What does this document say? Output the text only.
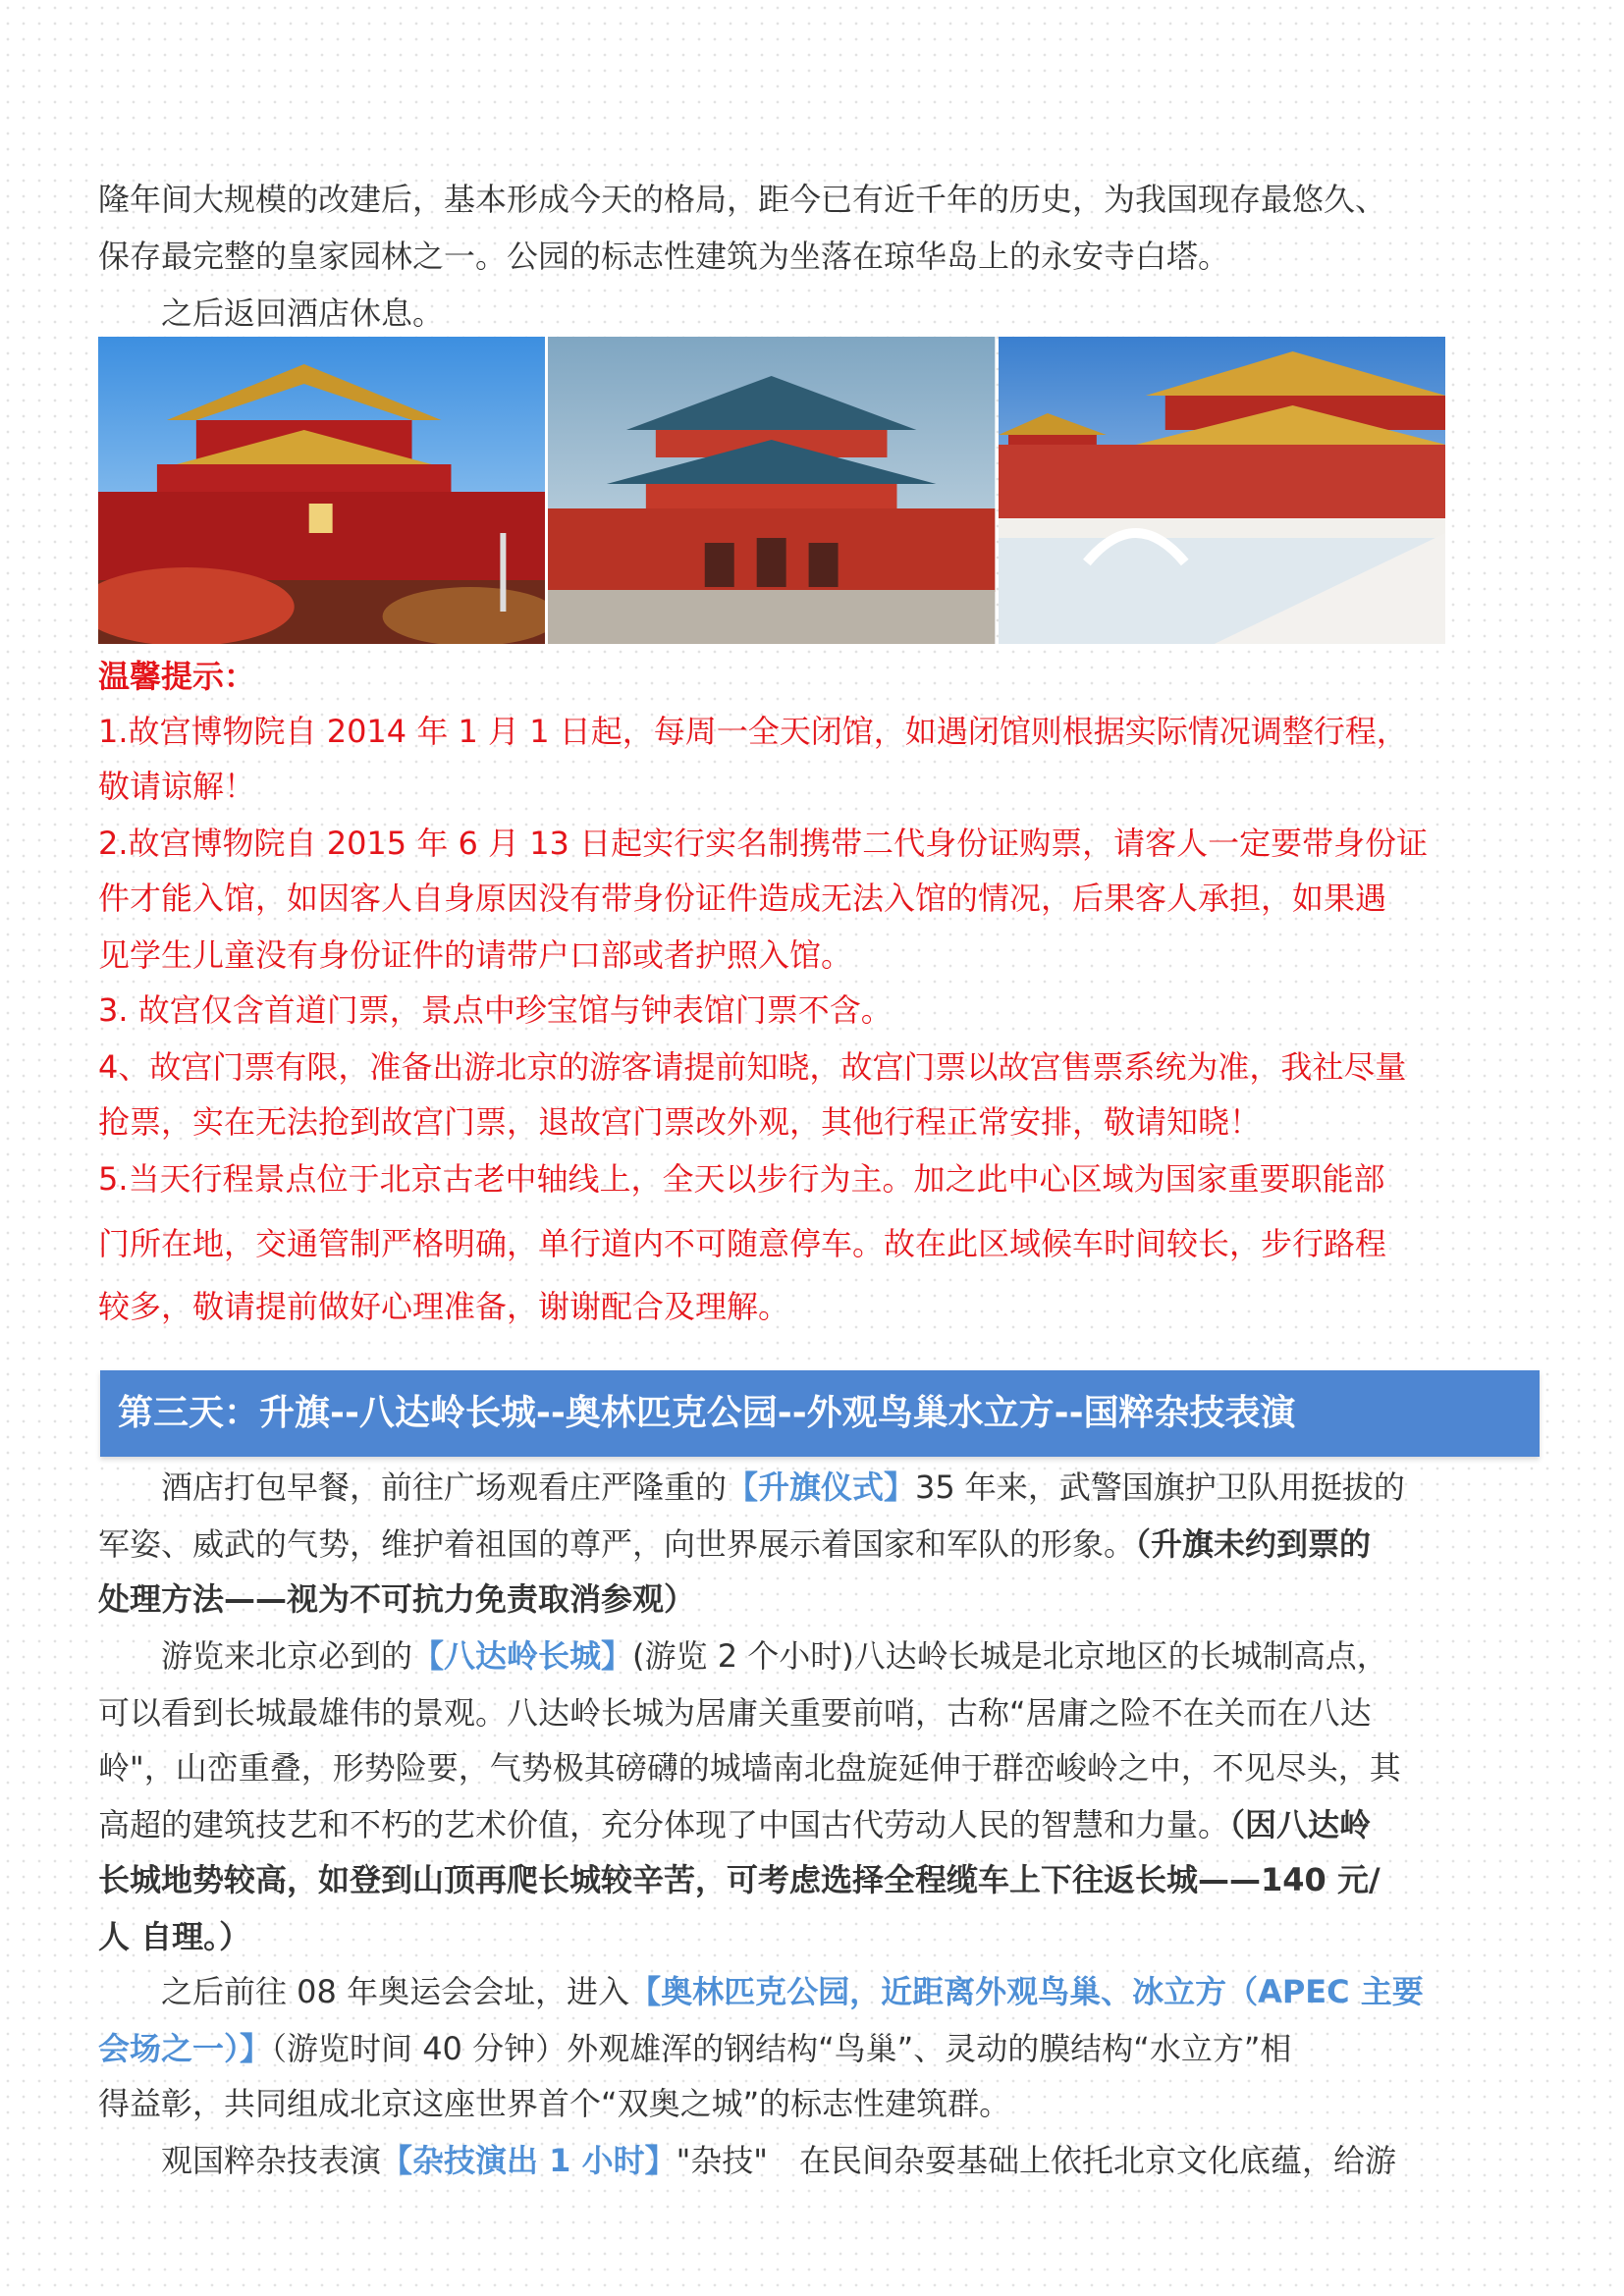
隆年间大规模的改建后，基本形成今天的格局，距今已有近千年的历史，为我国现存最悠久、
保存最完整的皇家园林之一。公园的标志性建筑为坐落在琼华岛上的永安寺白塔。
之后返回酒店休息。
温馨提示：
1.故宫博物院自 2014 年 1 月 1 日起，每周一全天闭馆，如遇闭馆则根据实际情况调整行程，
敬请谅解！
2.故宫博物院自 2015 年 6 月 13 日起实行实名制携带二代身份证购票，请客人一定要带身份证
件才能入馆，如因客人自身原因没有带身份证件造成无法入馆的情况，后果客人承担，如果遇
见学生儿童没有身份证件的请带户口部或者护照入馆。
3. 故宫仅含首道门票，景点中珍宝馆与钟表馆门票不含。
4、故宫门票有限，准备出游北京的游客请提前知晓，故宫门票以故宫售票系统为准，我社尽量
抢票，实在无法抢到故宫门票，退故宫门票改外观，其他行程正常安排，敬请知晓！
5.当天行程景点位于北京古老中轴线上，全天以步行为主。加之此中心区域为国家重要职能部
门所在地，交通管制严格明确，单行道内不可随意停车。故在此区域候车时间较长，步行路程
较多，敬请提前做好心理准备，谢谢配合及理解。
第三天：升旗--八达岭长城--奥林匹克公园--外观鸟巢水立方--国粹杂技表演
酒店打包早餐，前往广场观看庄严隆重的【升旗仪式】35 年来，武警国旗护卫队用挺拔的
军姿、威武的气势，维护着祖国的尊严，向世界展示着国家和军队的形象。（升旗未约到票的
处理方法——视为不可抗力免责取消参观）
游览来北京必到的【八达岭长城】(游览 2 个小时)八达岭长城是北京地区的长城制高点，
可以看到长城最雄伟的景观。八达岭长城为居庸关重要前哨，古称“居庸之险不在关而在八达
岭"，山峦重叠，形势险要，气势极其磅礴的城墙南北盘旋延伸于群峦峻岭之中，不见尽头，其
高超的建筑技艺和不朽的艺术价值，充分体现了中国古代劳动人民的智慧和力量。（因八达岭
长城地势较高，如登到山顶再爬长城较辛苦，可考虑选择全程缆车上下往返长城——140 元/
人 自理。）
之后前往 08 年奥运会会址，进入【奥林匹克公园，近距离外观鸟巢、冰立方（APEC 主要
会场之一）】（游览时间 40 分钟）外观雄浑的钢结构“鸟巢”、灵动的膜结构“水立方”相
得益彰，共同组成北京这座世界首个“双奥之城”的标志性建筑群。
观国粹杂技表演【杂技演出 1 小时】"杂技"　在民间杂耍基础上依托北京文化底蕴，给游
